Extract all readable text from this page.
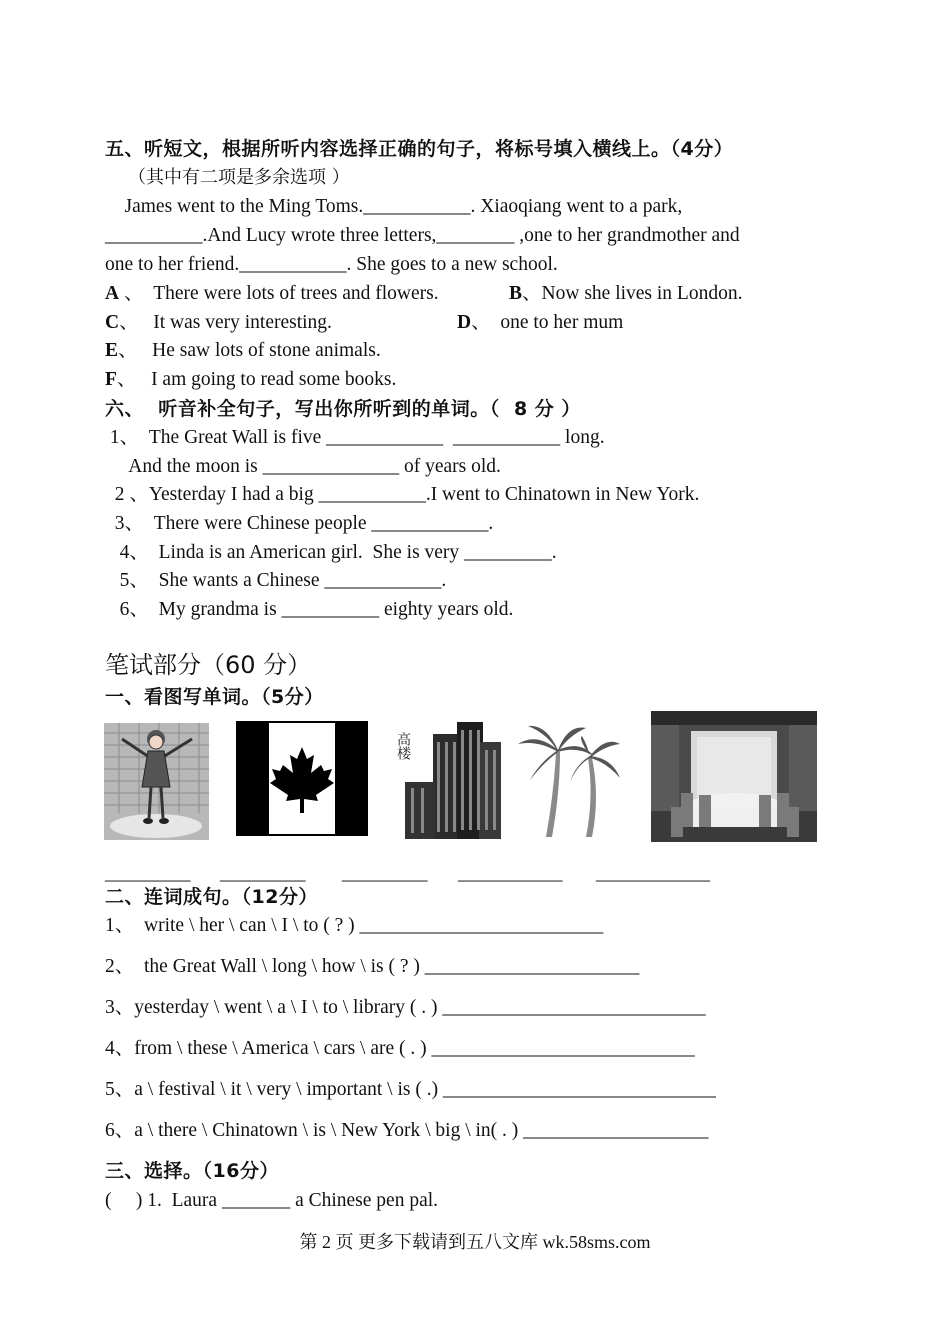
五、听短文，根据所听内容选择正确的句子，将标号填入横线上。（4分）
（其中有二项是多余选项 ）
James went to the Ming Toms.___________. Xiaoqiang went to a park,
__________.And Lucy wrote three letters,________ ,one to her grandmother and
one to her friend.___________. She goes to a new school.
A 、  There were lots of trees and flowers.	B、Now she lives in London.
C、   It was very interesting.	D、  one to her mum
E、   He saw lots of stone animals.
F、   I am going to read some books.
六、  听音补全句子，写出你所听到的单词。（  8 分 ）
1、  The Great Wall is five ____________  ___________ long.
And the moon is ______________ of years old.
2 、Yesterday I had a big ___________.I went to Chinatown in New York.
3、  There were Chinese people ____________.
4、  Linda is an American girl.  She is very _________.
5、  She wants a Chinese ____________.
6、  My grandma is __________ eighty years old.
笔试部分（60 分）
一、看图写单词。（5分）
高楼
_________ _________ _________ ___________ ____________
二、连词成句。（12分）
1、  write \ her \ can \ I \ to ( ? ) _________________________
2、  the Great Wall \ long \ how \ is ( ? ) ______________________
3、yesterday \ went \ a \ I \ to \ library ( . ) ___________________________
4、from \ these \ America \ cars \ are ( . ) ___________________________
5、a \ festival \ it \ very \ important \ is ( .) ____________________________
6、a \ there \ Chinatown \ is \ New York \ big \ in( . ) ___________________
三、选择。（16分）
(     ) 1.  Laura _______ a Chinese pen pal.
第 2 页 更多下载请到五八文库 wk.58sms.com
